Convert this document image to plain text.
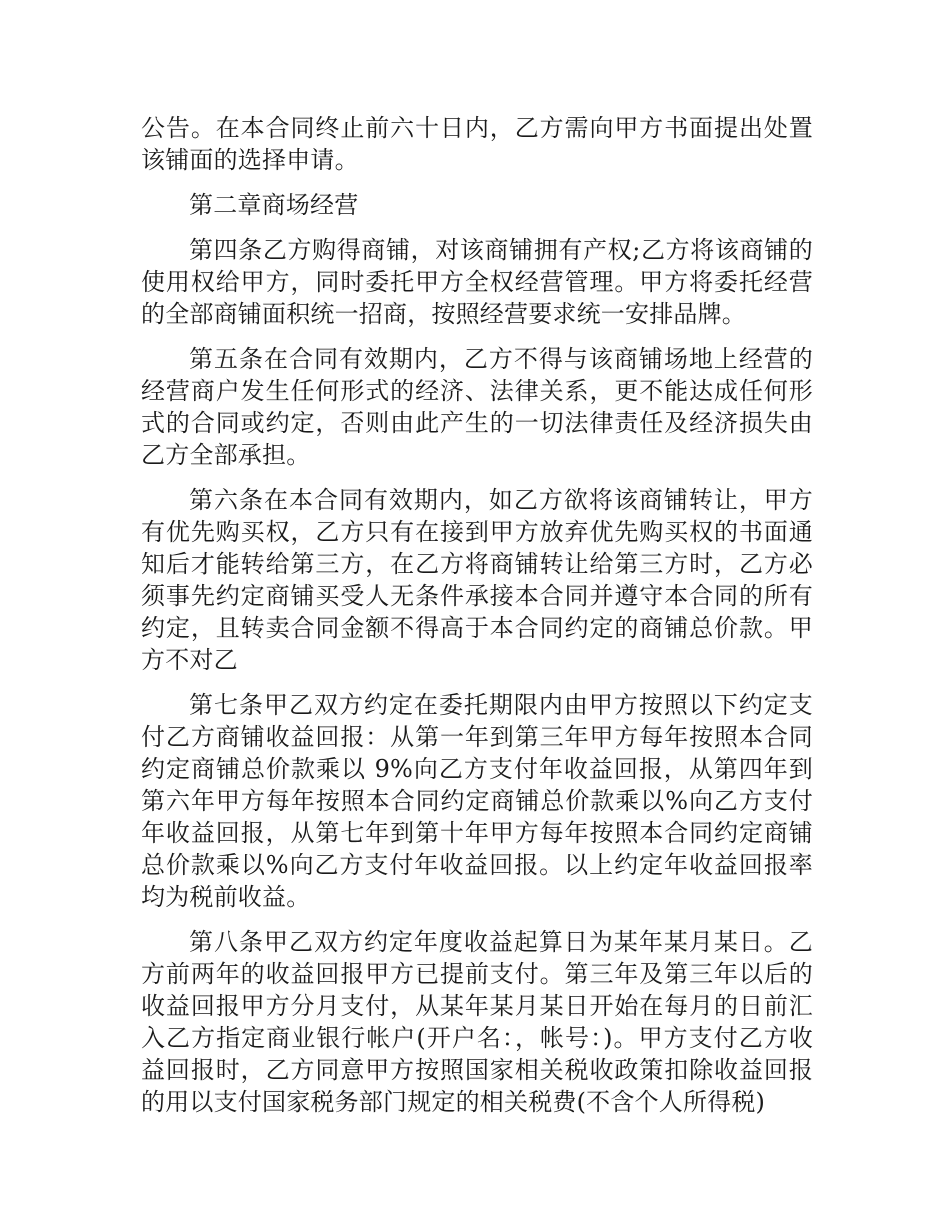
公告。在本合同终止前六十日内，乙方需向甲方书面提出处置该铺面的选择申请。

第二章商场经营

第四条乙方购得商铺，对该商铺拥有产权;乙方将该商铺的使用权给甲方，同时委托甲方全权经营管理。甲方将委托经营的全部商铺面积统一招商，按照经营要求统一安排品牌。

第五条在合同有效期内，乙方不得与该商铺场地上经营的经营商户发生任何形式的经济、法律关系，更不能达成任何形式的合同或约定，否则由此产生的一切法律责任及经济损失由乙方全部承担。

第六条在本合同有效期内，如乙方欲将该商铺转让，甲方有优先购买权，乙方只有在接到甲方放弃优先购买权的书面通知后才能转给第三方，在乙方将商铺转让给第三方时，乙方必须事先约定商铺买受人无条件承接本合同并遵守本合同的所有约定，且转卖合同金额不得高于本合同约定的商铺总价款。甲方不对乙

第七条甲乙双方约定在委托期限内由甲方按照以下约定支付乙方商铺收益回报：从第一年到第三年甲方每年按照本合同约定商铺总价款乘以 9%向乙方支付年收益回报，从第四年到第六年甲方每年按照本合同约定商铺总价款乘以%向乙方支付年收益回报，从第七年到第十年甲方每年按照本合同约定商铺总价款乘以%向乙方支付年收益回报。以上约定年收益回报率均为税前收益。

第八条甲乙双方约定年度收益起算日为某年某月某日。乙方前两年的收益回报甲方已提前支付。第三年及第三年以后的收益回报甲方分月支付，从某年某月某日开始在每月的日前汇入乙方指定商业银行帐户(开户名：，帐号：)。甲方支付乙方收益回报时，乙方同意甲方按照国家相关税收政策扣除收益回报的用以支付国家税务部门规定的相关税费(不含个人所得税)
